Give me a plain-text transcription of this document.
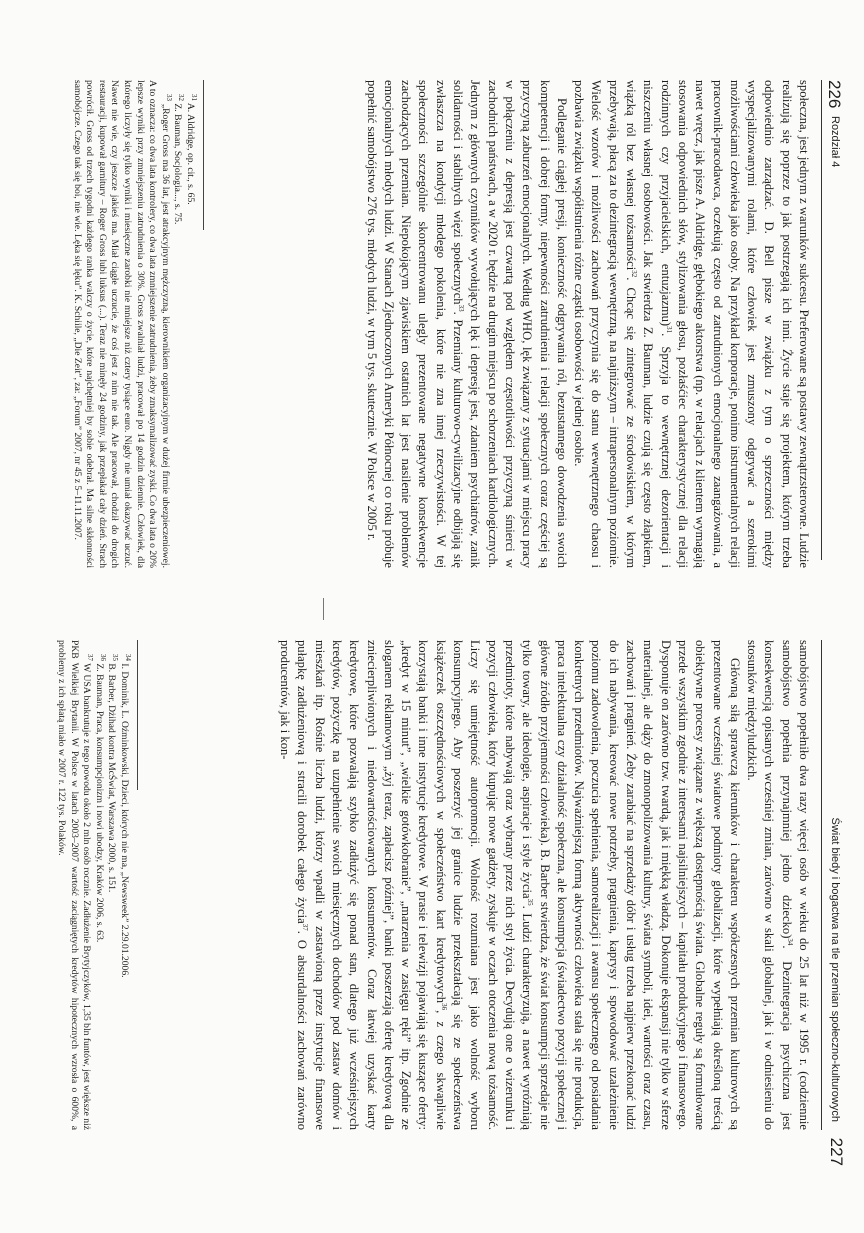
226
Rozdział 4

społeczna, jest jednym z warunków sukcesu. Preferowane są postawy zewnątrzsterowne. Ludzie realizują się poprzez to jak postrzegają ich inni. Życie staje się projektem, którym trzeba odpowiednio zarządzać. D. Bell pisze w związku z tym o sprzeczności między wyspecjalizowanymi rolami, które człowiek jest zmuszony odgrywać a szerokimi możliwościami człowieka jako osoby. Na przykład korporacje, ponimo instrumentalnych relacji pracownik-pracodawca, oczekują często od zatrudnionych emocjonalnego zaangażowania, a nawet wręcz, jak pisze A. Aldridge, głębokiego aktorstwa (np. w relacjach z klientem wymagają stosowania odpowiednich słów, stylizowania głosu, pozłaśćiec charakterystycznej dla relacji rodzinnych czy przyjacielskich, entuzjazmu)$^{31}$. Sprzyja to wewnętrznej dezorientacji i niszczeniu własnej osobowości. Jak stwierdza Z. Bauman, ludzie czują się często złapkiem, wiązką ról bez własnej tożsamości$^{32}$. Chcąc się zintegrować ze środowiskiem, w którym przebywają, płacą za to dezintegracją wewnętrzną, na najniższym – intrapersonalnym poziomie. Wielość wzorów i możliwości zachowań przyczynia się do stanu wewnętrznego chaosu i pozbawia związku współistnienia różne cząstki osobowości w jednej osobie.

Podleganie ciągłej presji, konieczność odgrywania ról, bezustannego dowodzenia swoich kompetencji i dobrej formy, niepewności zatrudnienia i relacji społecznych coraz częściej są przyczyną zaburzeń emocjonalnych. Według WHO, lęk związany z sytuacjami w miejscu pracy w połączeniu z depresją jest czwartą pod względem częstotliwości przyczyną śmierci w zachodnich państwach, a w 2020 r. będzie na drugim miejscu po schorzeniach kardiologicznych. Jednym z głównych czynników wywołujących lęk i depresję jest, zdaniem psychiatrów, zanik solidarności i stabilnych więzi społecznych$^{33}$. Przemiany kulturowo-cywilizacyjne odbijają się zwłaszcza na kondycji młodego pokolenia, które nie zna innej rzeczywistości. W tej społeczności szczególnie skoncentrowanu ulegly prezentowane negatywne konsekwencje zachodzących przemian. Niepokojącym zjawiskiem ostatnich lat jest nasilenie problemów emocjonalnych młodych ludzi. W Stanach Zjednoczonych Ameryki Północnej co roku próbuje popełnić samobójstwo 276 tys. młodych ludzi, w tym 5 tys. skutecznie. W Polsce w 2005 r.

$^{31}$ A. Aldridge, op. cit., s. 65.

$^{32}$ Z. Bauman, Socjologia..., s. 75.

$^{33}$ „Roger Gross ma 36 lat, jest atrakcyjnym mężczyzną, kierownikiem organizacyjnym w dużej firmie ubezpieczeniowej. A to oznacza: co dwa lata kontrolery, co dwa lata zmniejszenie zatrudnienia, żeby zmaksymalizować zyski. Co dwa lata o 20% lepsze wyniki przy zmniejszeniu zatrudnienia o 30%. Gross zwalniał ludzi, pracował po 14 godzin dziennie. Człowiek, dla którego liczyły się tylko wyniki i miesięczne zarobki nie mniejsze niż cztery tysiące euro. Nigdy nie umiał okazywać uczuć. Nawet nie wie, czy jeszcze jakieś ma. Miał ciągłe uczucie, że coś jest z nim nie tak. Ale pracował, chodził do drogich restauracji, kupował garnitury – Roger Gross lubi luksus (...). Teraz nie minęły 24 godziny, jak przepłakał cały dzień. Strach powrócił. Gross od trzech tygodni każdego ranka walczy o życie, które najchętniej by sobie odebrał. Ma silne skłonności samobójcze. Czego tak się boi, nie wie. Lęka się lęku”. K. Schiile, „Die Zeit”, za: „Forum” 2007, nr 45 z 5–11.11.2007.

Świat biedy i bogactwa na tle przemian społeczno-kulturowych
227

samobójstwo popełniło dwa razy więcej osób w wieku do 25 lat niż w 1995 r. (codziennie samobójstwo popełnia przynajmniej jedno dziecko)$^{34}$. Dezintegracja psychiczna jest konsekwencją opisanych wcześniej zmian, zarówno w skali globalnej, jak i w odniesieniu do stosunków międzyludzkich.

Główną siłą sprawczą kierunków i charakteru współczesnych przemian kulturowych są prezentowane wcześniej światowe podmioty globalizacji, które wypełniają określoną treścią obiektywne procesy związane z większą dostępnością świata. Globalne reguły są formułowane przede wszystkim zgodnie z interesami najsilniejszych – kapitału produkcyjnego i finansowego. Dysponuje on zarówno tzw. twardą, jak i miękką władzą. Dokonuje ekspansji nie tylko w sferze materialnej, ale dąży do zmonopolizowania kultury, świata symboli, idei, wartości oraz czasu, zachowań i pragnień. Żeby zarabiać na sprzedaży dóbr i usług trzeba najpierw przekonać ludzi do ich nabywania, kreować nowe potrzeby, pragnienia, kaprysy i spowodować uzależnienie poziomu zadowolenia, poczucia spełnienia, samorealizacji i awansu społecznego od posiadania konkretnych przedmiotów. Najważniejszą formą aktywności człowieka stała się nie produkcja, praca intelektualna czy działalność społeczna, ale konsumpcja (świadectwo pozycji społecznej i główne źródło przyjemności człowieka). B. Barber stwierdza, że świat konsumpcji sprzedaje nie tylko towary, ale ideologie, aspiracje i style życia$^{35}$. Ludzi charakteryzują, a nawet wyróżniają przedmioty, które nabywają oraz wybrany przez nich styl życia. Decydują one o wizerunku i pozycji człowieka, który kupując nowe gadżety, zyskuje w oczach otoczenia nową tożsamość. Liczy się umiejętność autopromocji. Wolność rozumiana jest jako wolność wyboru konsumpcyjnego. Aby poszerzyć jej granice ludzie przekształcają się ze społeczeństwa książeczek oszczędnościowych w społeczeństwo kart kredytowych$^{36}$, z czego skwapliwie korzystają banki i inne instytucje kredytowe. W prasie i telewizji pojawiają się kuszące oferty: „kredyt w 15 minut”, „wielkie gotówkobranie”, „marzenia w zasięgu ręki” itp. Zgodnie ze sloganem reklamowym „żyj teraz, zapłacisz później”, banki poszerzają ofertę kredytową dla zniecierpliwionych i niedowartościowanych konsumentów. Coraz łatwiej uzyskać karty kredytowe, które pozwalają szybko zadłużyć się ponad stan, dlatego już wcześniejszych kredytów, pożyczkę na uzupełnienie swoich miesięcznych dochodów pod zastaw domów i mieszkań itp. Rośnie liczba ludzi, którzy wpadli w zastawioną przez instytucje finansowe pułapkę zadłużeniową i stracili dorobek całego życia$^{37}$. O absurdalności zachowań zarówno producentów, jak i kon-

$^{34}$ I. Dominik, L. Oźminkowski, Dzieci, których nie ma, „Newsweek” 2.29.01.2006.

$^{35}$ B. Barber, Dżihad kontra McŚwiat, Warszawa 2000, s. 151.

$^{36}$ Z. Bauman, Praca, konsumpcjonizm i nowi ubodzy, Kraków 2006, s. 63.

$^{37}$ W USA bankrutuje z tego powodu około 2 mln osób rocznie. Zadłużenie Brytyjczyków, 1,35 bln funtów, jest większe niż PKB Wielkiej Brytanii. W Polsce w latach 2003–2007 wartość zaciągniętych kredytów hipotecznych wzrosła o 600%, a problemy z ich spłatą miało w 2007 r. 122 tys. Polaków.
